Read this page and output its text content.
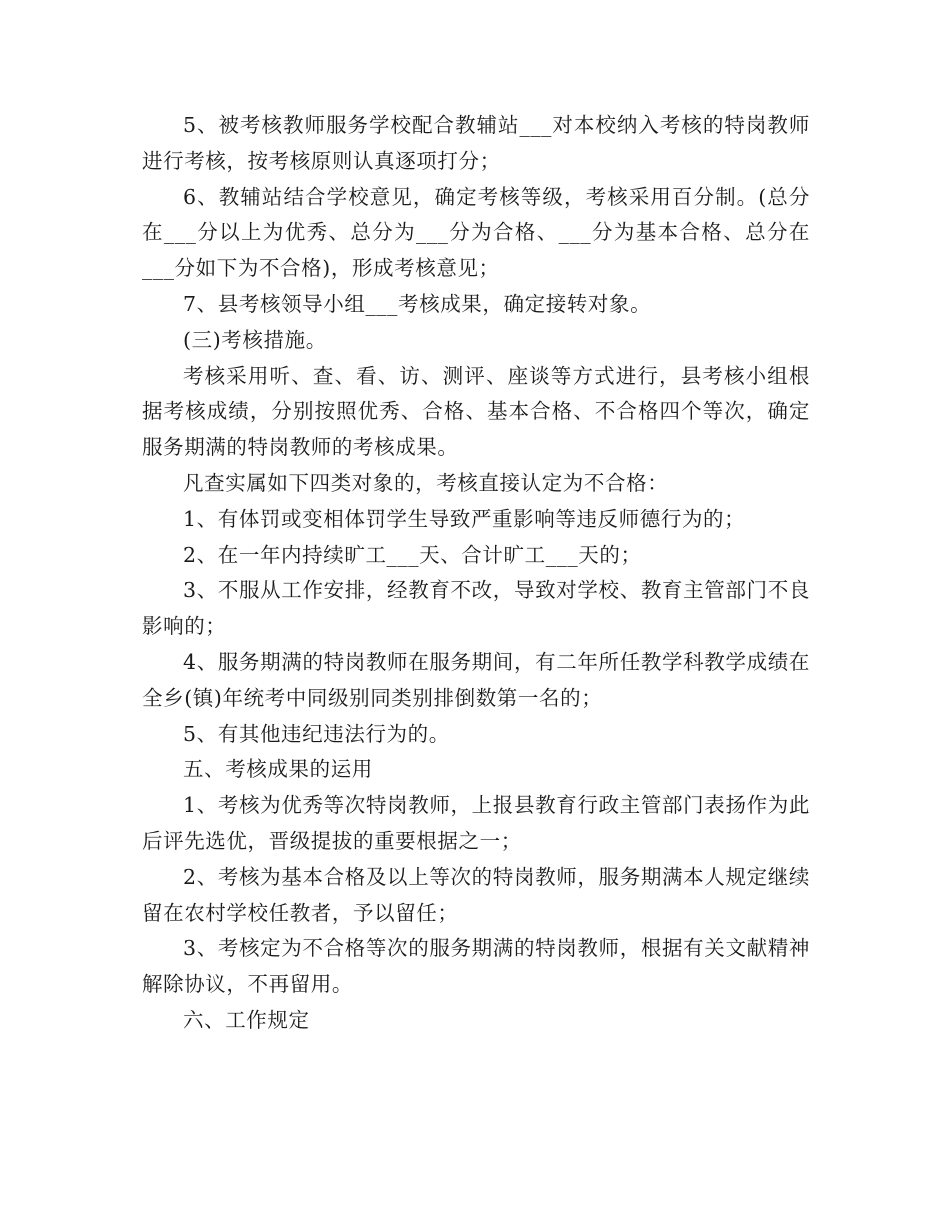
5、被考核教师服务学校配合教辅站___对本校纳入考核的特岗教师进行考核，按考核原则认真逐项打分；

6、教辅站结合学校意见，确定考核等级，考核采用百分制。(总分在___分以上为优秀、总分为___分为合格、___分为基本合格、总分在___分如下为不合格)，形成考核意见；

7、县考核领导小组___考核成果，确定接转对象。

(三)考核措施。

考核采用听、查、看、访、测评、座谈等方式进行，县考核小组根据考核成绩，分别按照优秀、合格、基本合格、不合格四个等次，确定服务期满的特岗教师的考核成果。

凡查实属如下四类对象的，考核直接认定为不合格：

1、有体罚或变相体罚学生导致严重影响等违反师德行为的；

2、在一年内持续旷工___天、合计旷工___天的；

3、不服从工作安排，经教育不改，导致对学校、教育主管部门不良影响的；

4、服务期满的特岗教师在服务期间，有二年所任教学科教学成绩在全乡(镇)年统考中同级别同类别排倒数第一名的；

5、有其他违纪违法行为的。

五、考核成果的运用

1、考核为优秀等次特岗教师，上报县教育行政主管部门表扬作为此后评先选优，晋级提拔的重要根据之一；

2、考核为基本合格及以上等次的特岗教师，服务期满本人规定继续留在农村学校任教者，予以留任；

3、考核定为不合格等次的服务期满的特岗教师，根据有关文献精神解除协议，不再留用。

六、工作规定
